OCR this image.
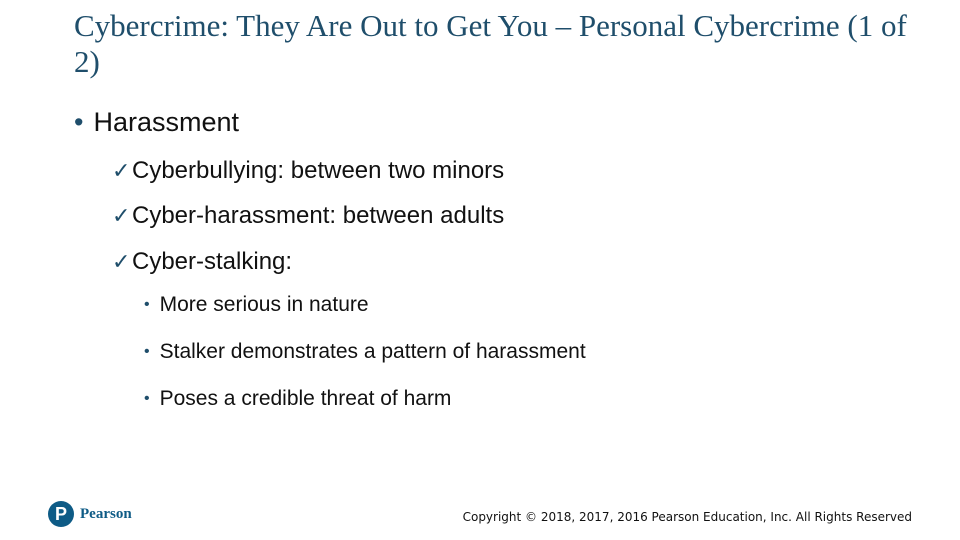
Cybercrime: They Are Out to Get You – Personal Cybercrime (1 of 2)
• Harassment
✓ Cyberbullying: between two minors
✓ Cyber-harassment: between adults
✓ Cyber-stalking:
• More serious in nature
• Stalker demonstrates a pattern of harassment
• Poses a credible threat of harm
P Pearson	Copyright © 2018, 2017, 2016 Pearson Education, Inc. All Rights Reserved
